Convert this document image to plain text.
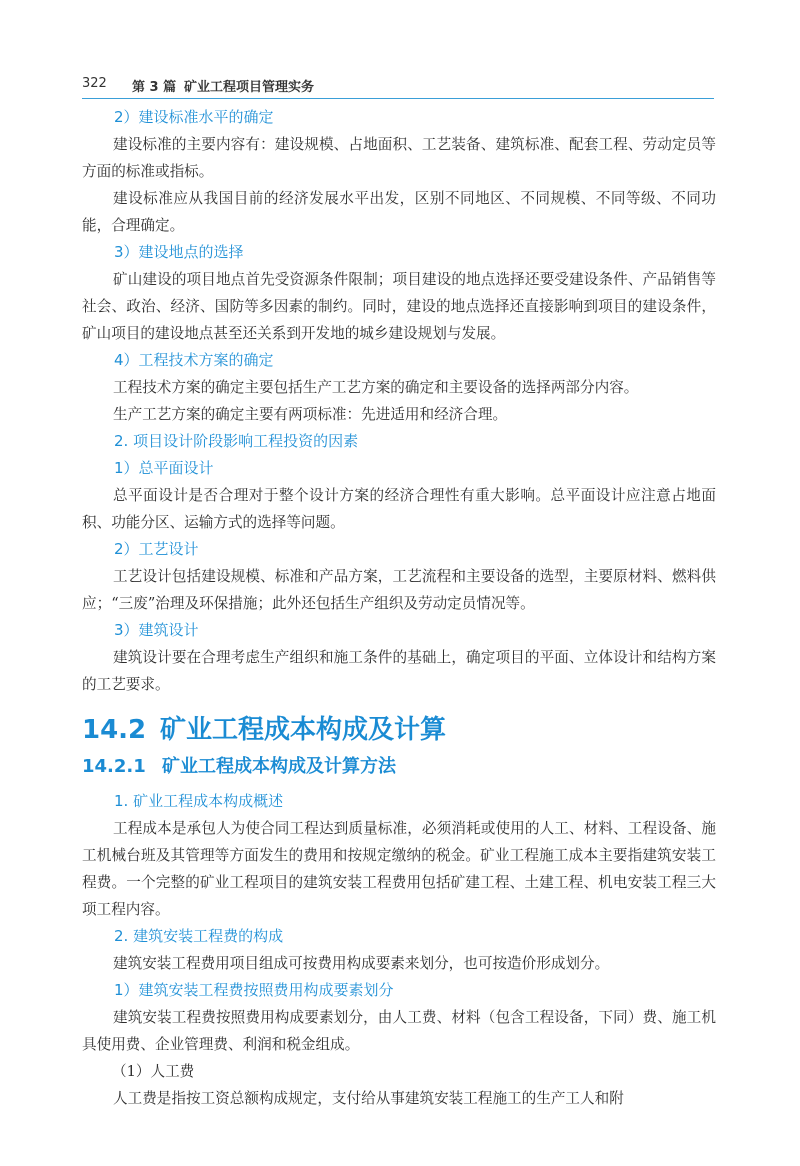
322 第 3 篇 矿业工程项目管理实务
2）建设标准水平的确定

建设标准的主要内容有：建设规模、占地面积、工艺装备、建筑标准、配套工程、劳动定员等方面的标准或指标。

建设标准应从我国目前的经济发展水平出发，区别不同地区、不同规模、不同等级、不同功能，合理确定。

3）建设地点的选择

矿山建设的项目地点首先受资源条件限制；项目建设的地点选择还要受建设条件、产品销售等社会、政治、经济、国防等多因素的制约。同时，建设的地点选择还直接影响到项目的建设条件，矿山项目的建设地点甚至还关系到开发地的城乡建设规划与发展。

4）工程技术方案的确定

工程技术方案的确定主要包括生产工艺方案的确定和主要设备的选择两部分内容。

生产工艺方案的确定主要有两项标准：先进适用和经济合理。

2. 项目设计阶段影响工程投资的因素
1）总平面设计

总平面设计是否合理对于整个设计方案的经济合理性有重大影响。总平面设计应注意占地面积、功能分区、运输方式的选择等问题。

2）工艺设计

工艺设计包括建设规模、标准和产品方案，工艺流程和主要设备的选型，主要原材料、燃料供应；“三废”治理及环保措施；此外还包括生产组织及劳动定员情况等。

3）建筑设计

建筑设计要在合理考虑生产组织和施工条件的基础上，确定项目的平面、立体设计和结构方案的工艺要求。

14.2 矿业工程成本构成及计算
14.2.1 矿业工程成本构成及计算方法
1. 矿业工程成本构成概述

工程成本是承包人为使合同工程达到质量标准，必须消耗或使用的人工、材料、工程设备、施工机械台班及其管理等方面发生的费用和按规定缴纳的税金。矿业工程施工成本主要指建筑安装工程费。一个完整的矿业工程项目的建筑安装工程费用包括矿建工程、土建工程、机电安装工程三大项工程内容。

2. 建筑安装工程费的构成

建筑安装工程费用项目组成可按费用构成要素来划分，也可按造价形成划分。

1）建筑安装工程费按照费用构成要素划分

建筑安装工程费按照费用构成要素划分，由人工费、材料（包含工程设备，下同）费、施工机具使用费、企业管理费、利润和税金组成。

（1）人工费

人工费是指按工资总额构成规定，支付给从事建筑安装工程施工的生产工人和附
